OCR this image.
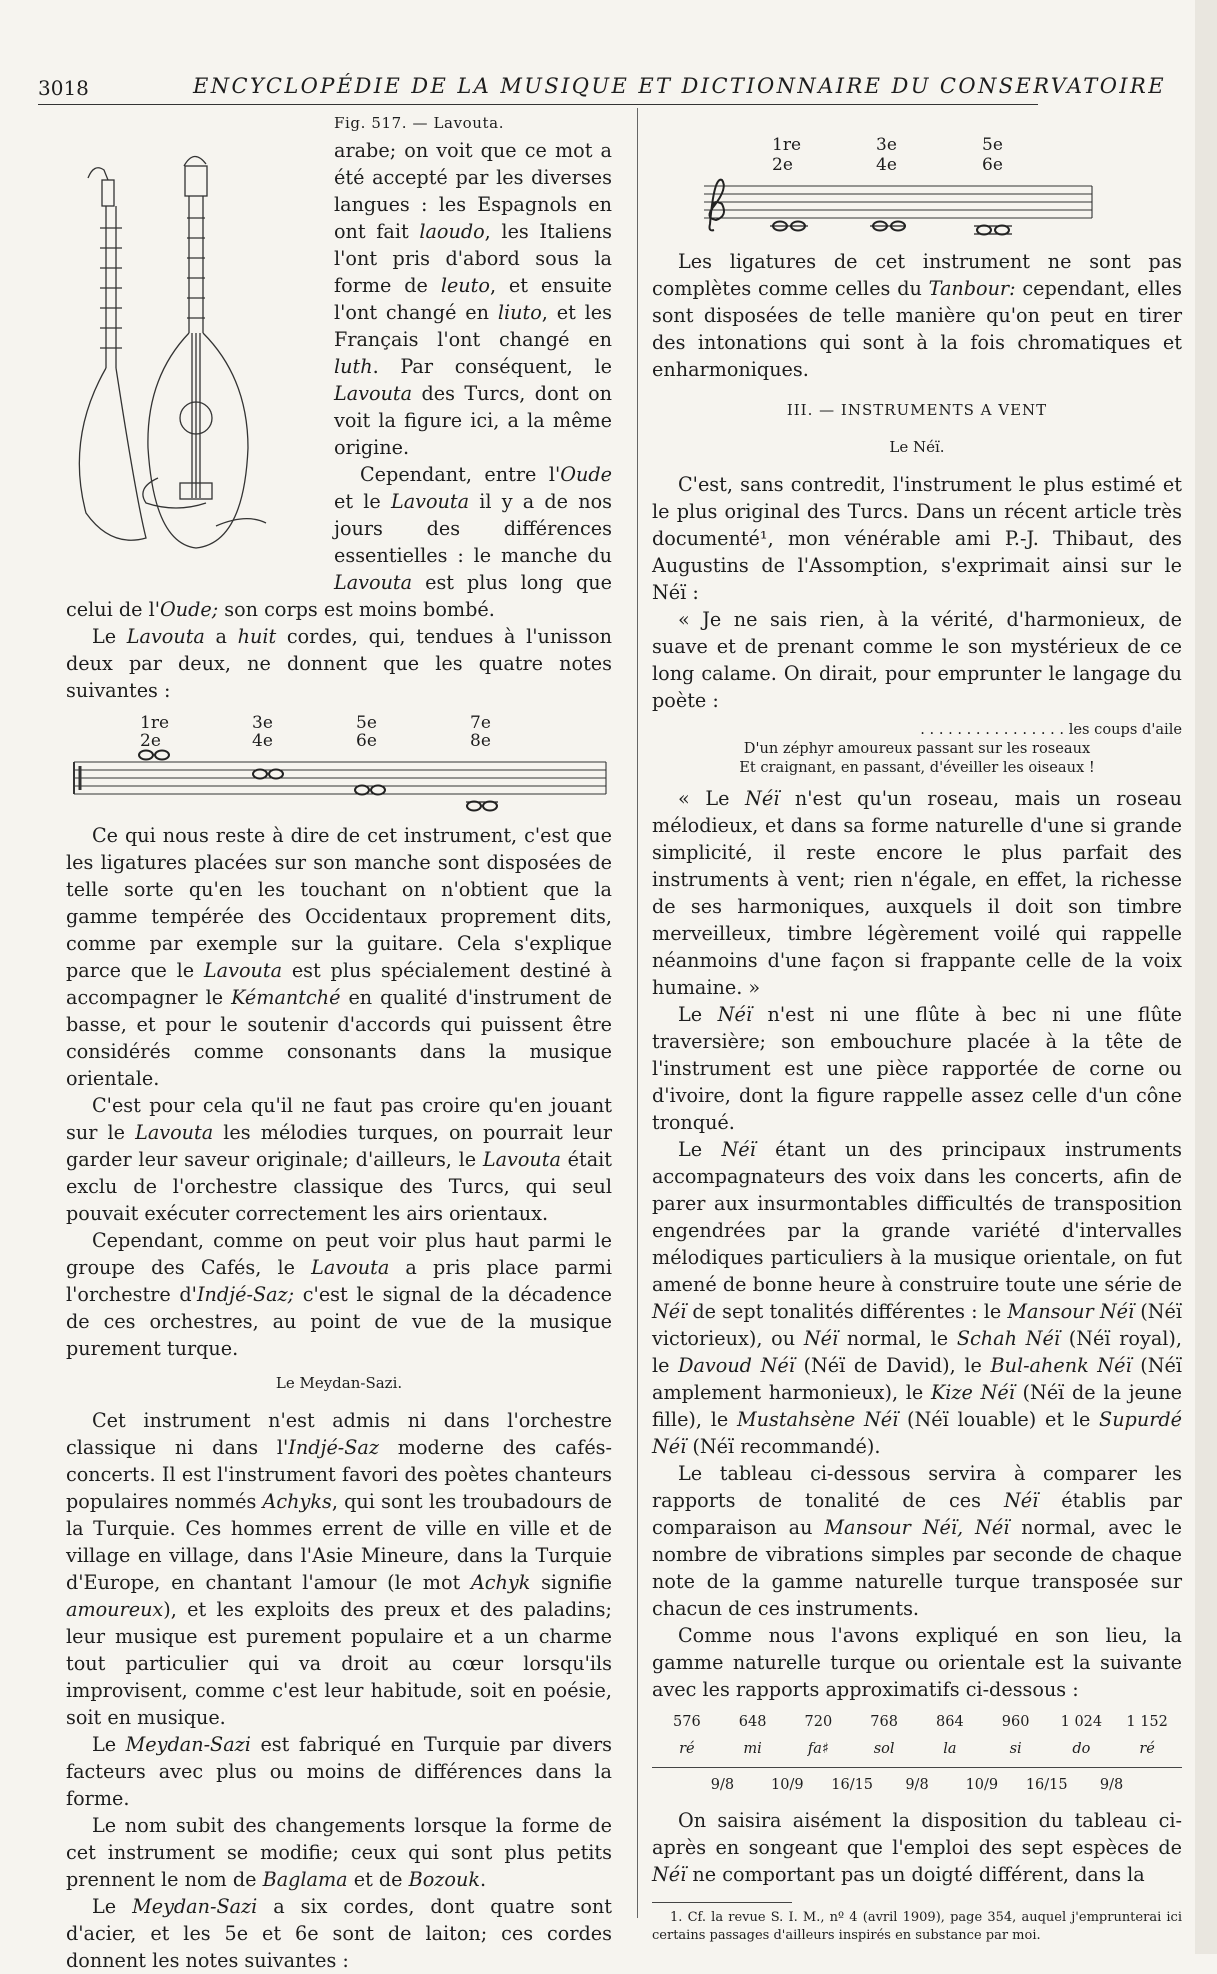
3018	ENCYCLOPÉDIE DE LA MUSIQUE ET DICTIONNAIRE DU CONSERVATOIRE

Fig. 517. — Lavouta.
arabe; on voit que ce mot a été accepté par les diverses langues : les Espagnols en ont fait laoudo, les Italiens l'ont pris d'abord sous la forme de leuto, et ensuite l'ont changé en liuto, et les Français l'ont changé en luth. Par conséquent, le Lavouta des Turcs, dont on voit la figure ici, a la même origine.

Cependant, entre l'Oude et le Lavouta il y a de nos jours des différences essentielles : le manche du Lavouta est plus long que celui de l'Oude; son corps est moins bombé.

Le Lavouta a huit cordes, qui, tendues à l'unisson deux par deux, ne donnent que les quatre notes suivantes :

1re
2e
3e
4e
5e
6e
7e
8e

Ce qui nous reste à dire de cet instrument, c'est que les ligatures placées sur son manche sont disposées de telle sorte qu'en les touchant on n'obtient que la gamme tempérée des Occidentaux proprement dits, comme par exemple sur la guitare. Cela s'explique parce que le Lavouta est plus spécialement destiné à accompagner le Kémantché en qualité d'instrument de basse, et pour le soutenir d'accords qui puissent être considérés comme consonants dans la musique orientale.

C'est pour cela qu'il ne faut pas croire qu'en jouant sur le Lavouta les mélodies turques, on pourrait leur garder leur saveur originale; d'ailleurs, le Lavouta était exclu de l'orchestre classique des Turcs, qui seul pouvait exécuter correctement les airs orientaux.

Cependant, comme on peut voir plus haut parmi le groupe des Cafés, le Lavouta a pris place parmi l'orchestre d'Indjé-Saz; c'est le signal de la décadence de ces orchestres, au point de vue de la musique purement turque.

Le Meydan-Sazi.

Cet instrument n'est admis ni dans l'orchestre classique ni dans l'Indjé-Saz moderne des cafés-concerts. Il est l'instrument favori des poètes chanteurs populaires nommés Achyks, qui sont les troubadours de la Turquie. Ces hommes errent de ville en ville et de village en village, dans l'Asie Mineure, dans la Turquie d'Europe, en chantant l'amour (le mot Achyk signifie amoureux), et les exploits des preux et des paladins; leur musique est purement populaire et a un charme tout particulier qui va droit au cœur lorsqu'ils improvisent, comme c'est leur habitude, soit en poésie, soit en musique.

Le Meydan-Sazi est fabriqué en Turquie par divers facteurs avec plus ou moins de différences dans la forme.

Le nom subit des changements lorsque la forme de cet instrument se modifie; ceux qui sont plus petits prennent le nom de Baglama et de Bozouk.

Le Meydan-Sazi a six cordes, dont quatre sont d'acier, et les 5e et 6e sont de laiton; ces cordes donnent les notes suivantes :

1re
2e
3e
4e
5e
6e

Les ligatures de cet instrument ne sont pas complètes comme celles du Tanbour: cependant, elles sont disposées de telle manière qu'on peut en tirer des intonations qui sont à la fois chromatiques et enharmoniques.

III. — INSTRUMENTS A VENT
Le Néï.

C'est, sans contredit, l'instrument le plus estimé et le plus original des Turcs. Dans un récent article très documenté¹, mon vénérable ami P.-J. Thibaut, des Augustins de l'Assomption, s'exprimait ainsi sur le Néï :

« Je ne sais rien, à la vérité, d'harmonieux, de suave et de prenant comme le son mystérieux de ce long calame. On dirait, pour emprunter le langage du poète :

. . . . . . . . . . . . . . . . les coups d'aile
D'un zéphyr amoureux passant sur les roseaux
Et craignant, en passant, d'éveiller les oiseaux !

« Le Néï n'est qu'un roseau, mais un roseau mélodieux, et dans sa forme naturelle d'une si grande simplicité, il reste encore le plus parfait des instruments à vent; rien n'égale, en effet, la richesse de ses harmoniques, auxquels il doit son timbre merveilleux, timbre légèrement voilé qui rappelle néanmoins d'une façon si frappante celle de la voix humaine. »

Le Néï n'est ni une flûte à bec ni une flûte traversière; son embouchure placée à la tête de l'instrument est une pièce rapportée de corne ou d'ivoire, dont la figure rappelle assez celle d'un cône tronqué.

Le Néï étant un des principaux instruments accompagnateurs des voix dans les concerts, afin de parer aux insurmontables difficultés de transposition engendrées par la grande variété d'intervalles mélodiques particuliers à la musique orientale, on fut amené de bonne heure à construire toute une série de Néï de sept tonalités différentes : le Mansour Néï (Néï victorieux), ou Néï normal, le Schah Néï (Néï royal), le Davoud Néï (Néï de David), le Bul-ahenk Néï (Néï amplement harmonieux), le Kize Néï (Néï de la jeune fille), le Mustahsène Néï (Néï louable) et le Supurdé Néï (Néï recommandé).

Le tableau ci-dessous servira à comparer les rapports de tonalité de ces Néï établis par comparaison au Mansour Néï, Néï normal, avec le nombre de vibrations simples par seconde de chaque note de la gamme naturelle turque transposée sur chacun de ces instruments.

Comme nous l'avons expliqué en son lieu, la gamme naturelle turque ou orientale est la suivante avec les rapports approximatifs ci-dessous :

576	648	720	768	864	960	1 024	1 152
ré	mi	fa♯	sol	la	si	do	ré
9/8	10/9	16/15	9/8	10/9	16/15	9/8

On saisira aisément la disposition du tableau ci-après en songeant que l'emploi des sept espèces de Néï ne comportant pas un doigté différent, dans la

1. Cf. la revue S. I. M., nº 4 (avril 1909), page 354, auquel j'emprunterai ici certains passages d'ailleurs inspirés en substance par moi.
